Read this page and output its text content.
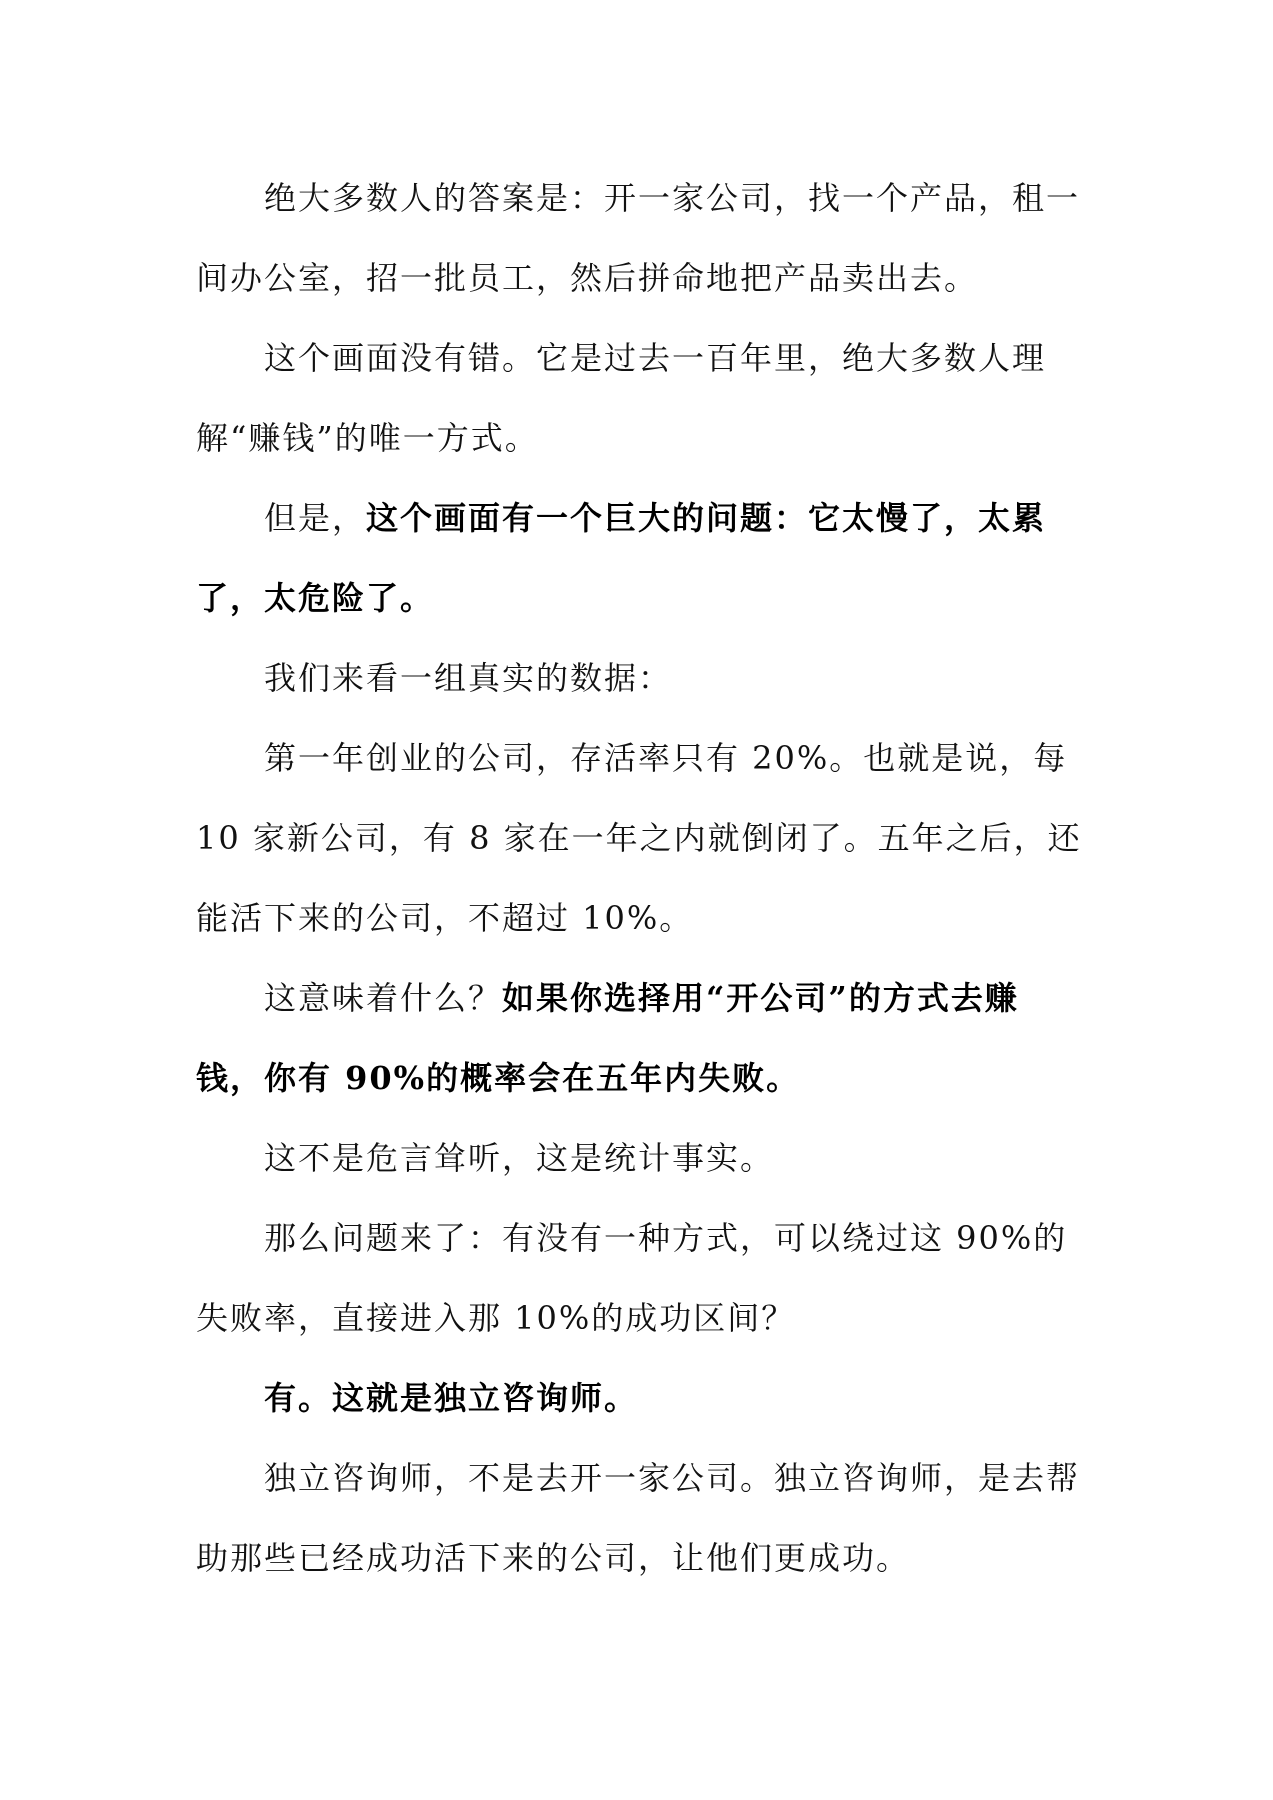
绝大多数人的答案是：开一家公司，找一个产品，租一间办公室，招一批员工，然后拼命地把产品卖出去。

这个画面没有错。它是过去一百年里，绝大多数人理解“赚钱”的唯一方式。

但是，这个画面有一个巨大的问题：它太慢了，太累了，太危险了。

我们来看一组真实的数据：

第一年创业的公司，存活率只有 20%。也就是说，每 10 家新公司，有 8 家在一年之内就倒闭了。五年之后，还能活下来的公司，不超过 10%。

这意味着什么？如果你选择用“开公司”的方式去赚钱，你有 90%的概率会在五年内失败。

这不是危言耸听，这是统计事实。

那么问题来了：有没有一种方式，可以绕过这 90%的失败率，直接进入那 10%的成功区间？

有。这就是独立咨询师。

独立咨询师，不是去开一家公司。独立咨询师，是去帮助那些已经成功活下来的公司，让他们更成功。
